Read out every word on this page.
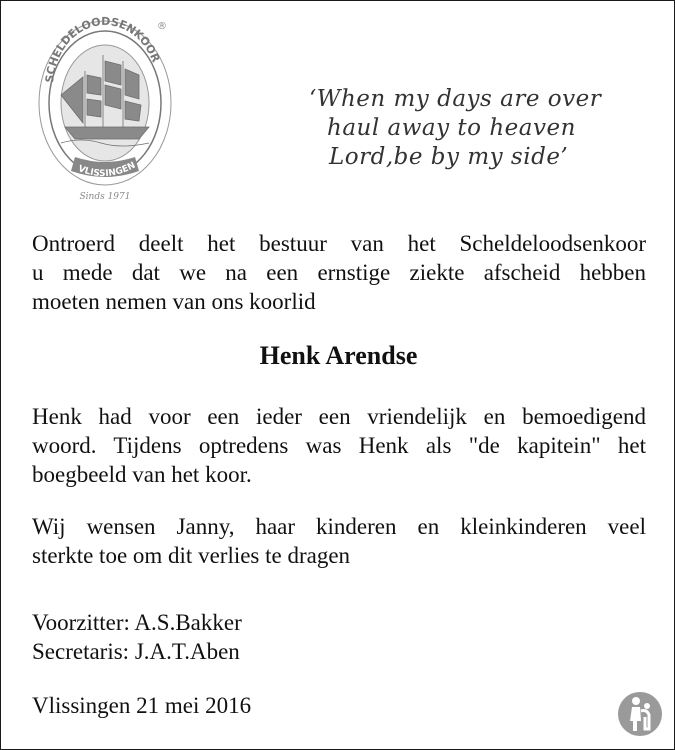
SCHELDELOODSENKOOR
VLISSINGEN
Sinds 1971
®
‘When my days are over
haul away to heaven
Lord,be by my side’
Ontroerd deelt het bestuur van het Scheldeloodsenkoor
u mede dat we na een ernstige ziekte afscheid hebben
moeten nemen van ons koorlid
Henk Arendse
Henk had voor een ieder een vriendelijk en bemoedigend
woord. Tijdens optredens was Henk als "de kapitein" het
boegbeeld van het koor.
Wij wensen Janny, haar kinderen en kleinkinderen veel
sterkte toe om dit verlies te dragen
Voorzitter: A.S.Bakker
Secretaris: J.A.T.Aben
Vlissingen 21 mei 2016
